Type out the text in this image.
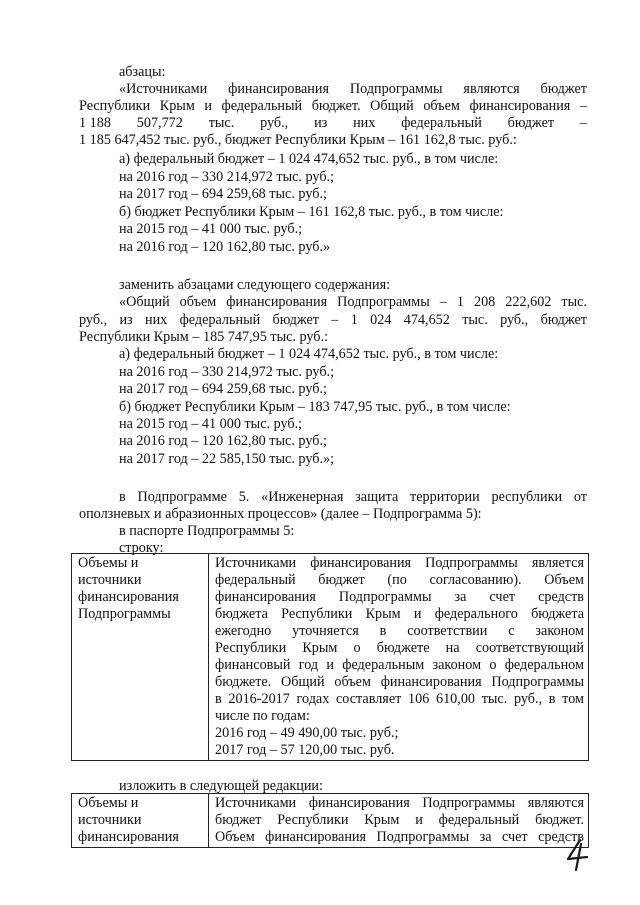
абзацы:
«Источниками финансирования Подпрограммы являются бюджет
Республики Крым и федеральный бюджет. Общий объем финансирования –
1 188 507,772 тыс. руб., из них федеральный бюджет –
1 185 647,452 тыс. руб., бюджет Республики Крым – 161 162,8 тыс. руб.:
а) федеральный бюджет – 1 024 474,652 тыс. руб., в том числе:
на 2016 год – 330 214,972 тыс. руб.;
на 2017 год – 694 259,68 тыс. руб.;
б) бюджет Республики Крым – 161 162,8 тыс. руб., в том числе:
на 2015 год – 41 000 тыс. руб.;
на 2016 год – 120 162,80 тыс. руб.»
заменить абзацами следующего содержания:
«Общий объем финансирования Подпрограммы – 1 208 222,602 тыс.
руб., из них федеральный бюджет – 1 024 474,652 тыс. руб., бюджет
Республики Крым – 185 747,95 тыс. руб.:
а) федеральный бюджет – 1 024 474,652 тыс. руб., в том числе:
на 2016 год – 330 214,972 тыс. руб.;
на 2017 год – 694 259,68 тыс. руб.;
б) бюджет Республики Крым – 183 747,95 тыс. руб., в том числе:
на 2015 год – 41 000 тыс. руб.;
на 2016 год – 120 162,80 тыс. руб.;
на 2017 год – 22 585,150 тыс. руб.»;
в Подпрограмме 5. «Инженерная защита территории республики от
оползневых и абразионных процессов» (далее – Подпрограмма 5):
в паспорте Подпрограммы 5:
строку:
Объемы и
источники
финансирования
Подпрограммы

Источниками финансирования Подпрограммы является
федеральный бюджет (по согласованию). Объем
финансирования Подпрограммы за счет средств
бюджета Республики Крым и федерального бюджета
ежегодно уточняется в соответствии с законом
Республики Крым о бюджете на соответствующий
финансовый год и федеральным законом о федеральном
бюджете. Общий объем финансирования Подпрограммы
в 2016-2017 годах составляет 106 610,00 тыс. руб., в том
числе по годам:
2016 год – 49 490,00 тыс. руб.;
2017 год – 57 120,00 тыс. руб.
изложить в следующей редакции:
Объемы и
источники
финансирования

Источниками финансирования Подпрограммы являются
бюджет Республики Крым и федеральный бюджет.
Объем финансирования Подпрограммы за счет средств
